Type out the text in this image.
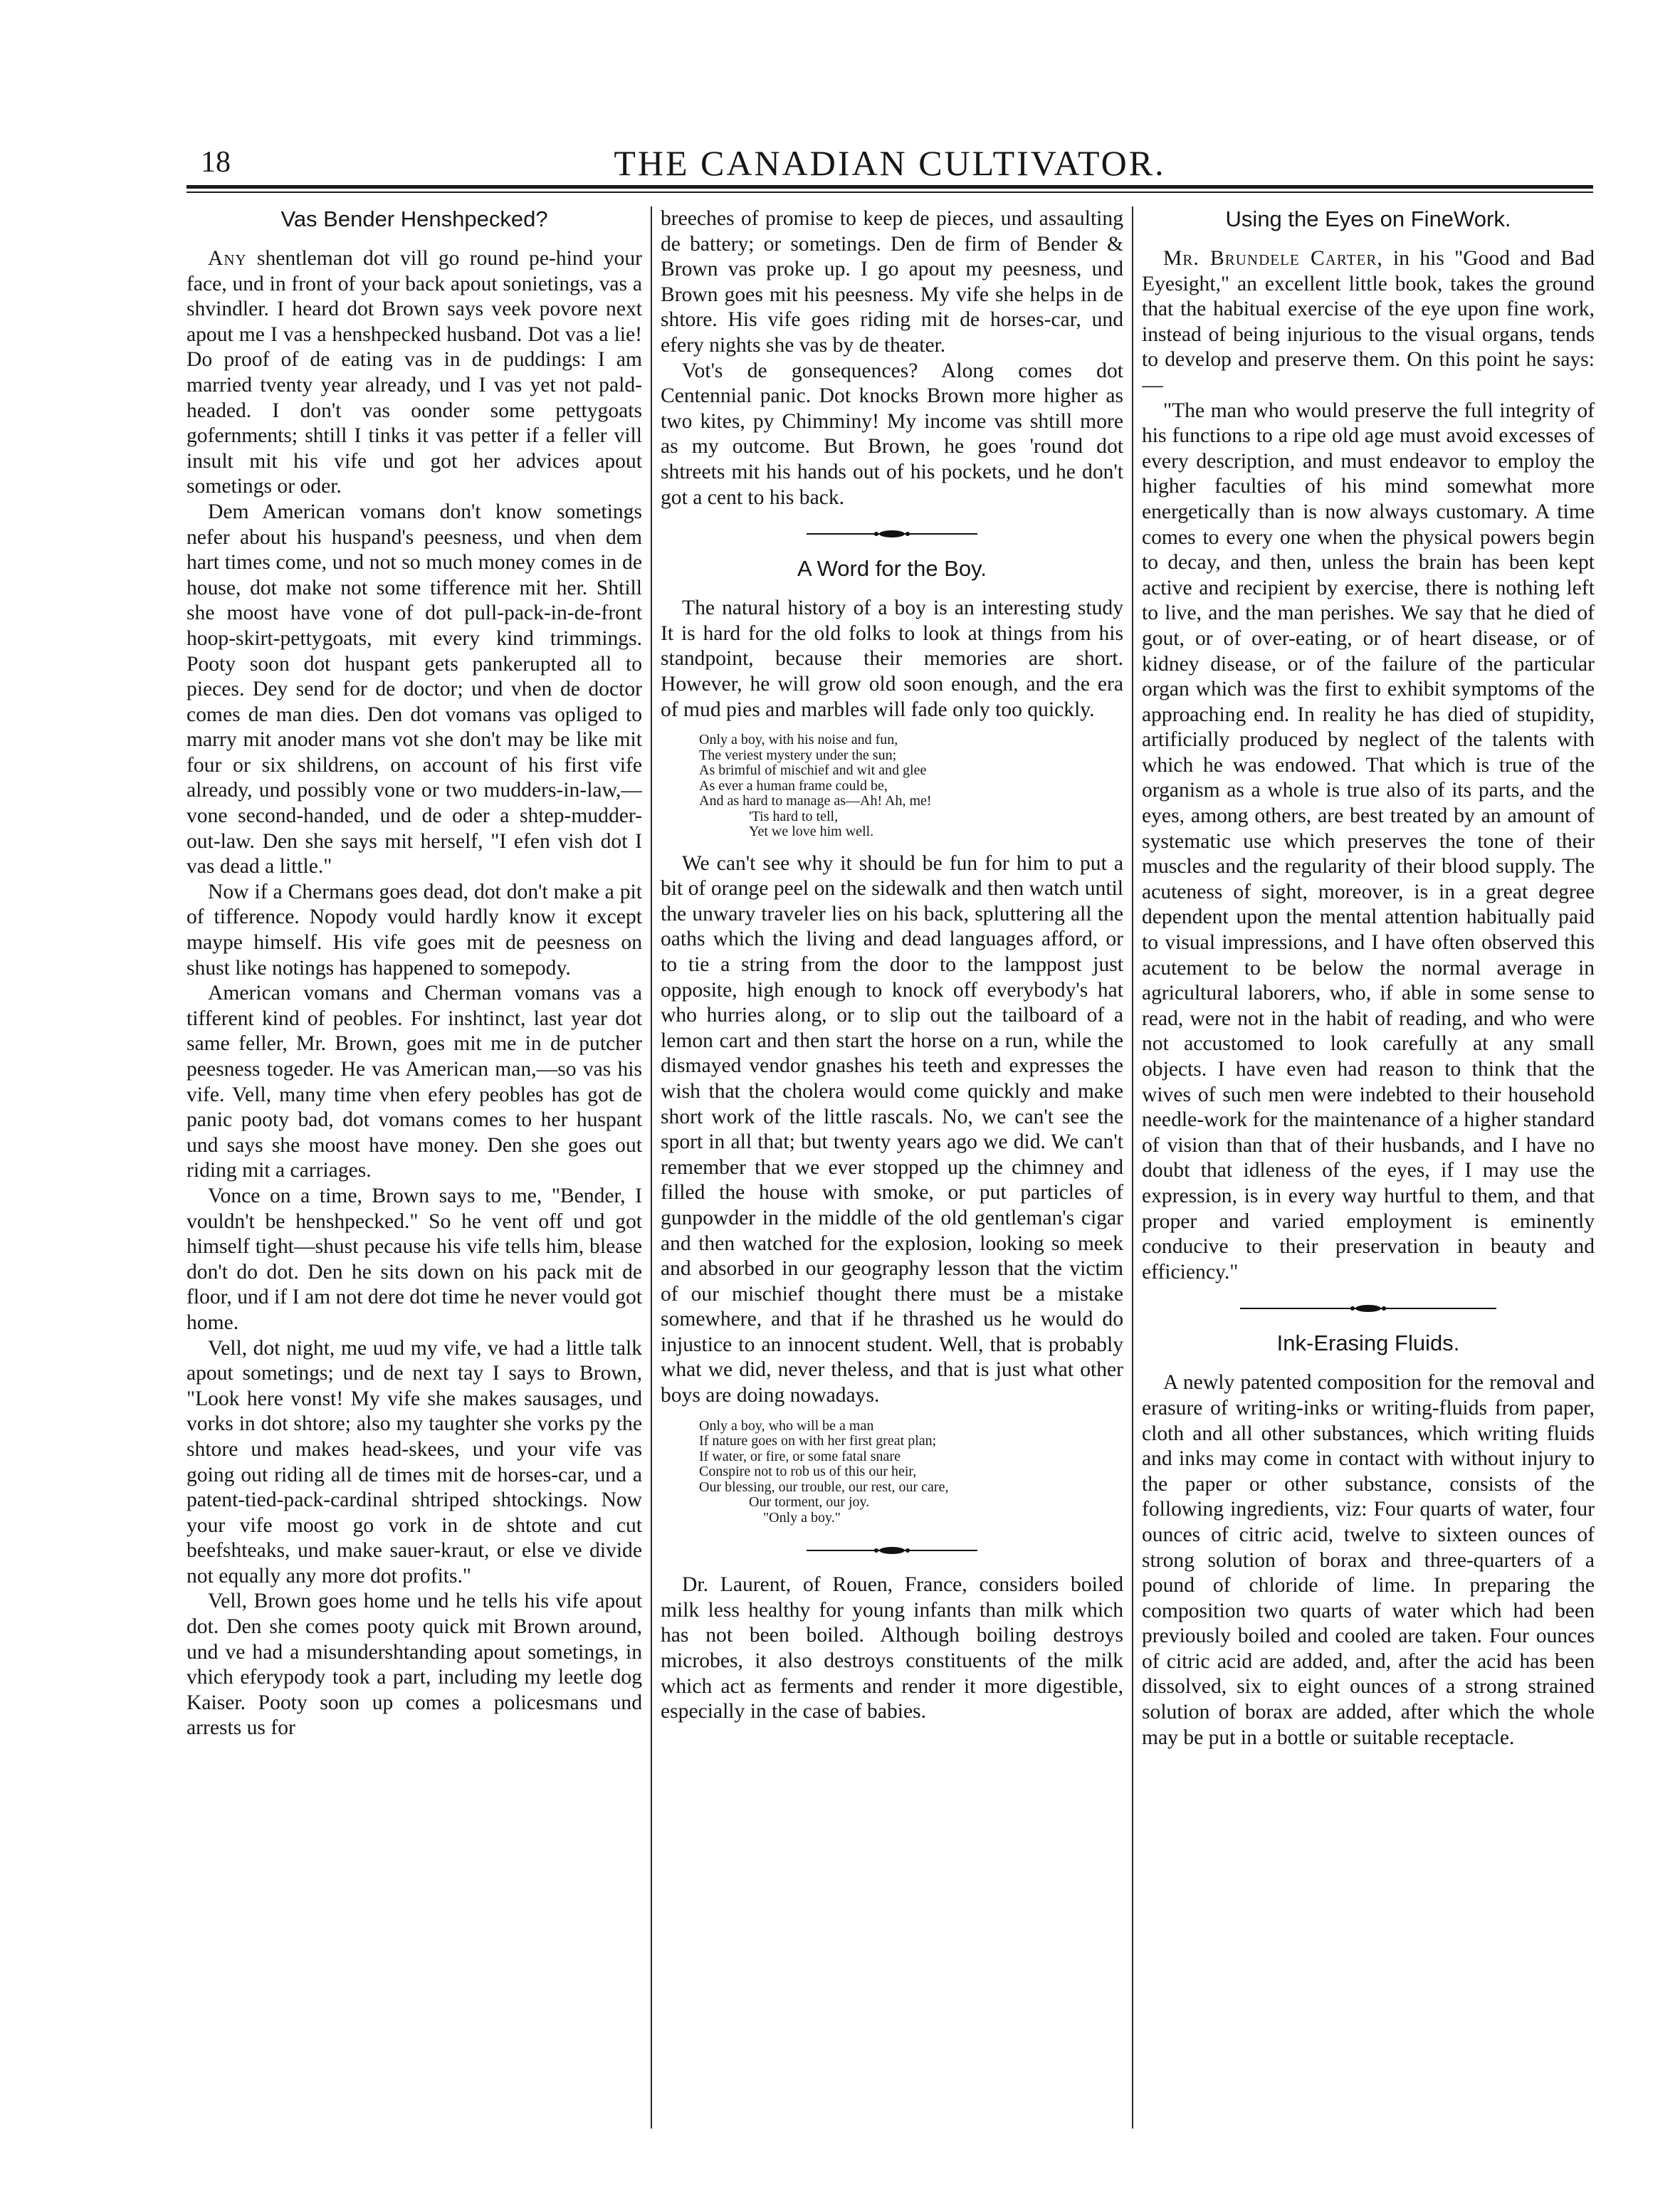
18	THE CANADIAN CULTIVATOR.
Vas Bender Henshpecked?

Any shentleman dot vill go round pe-hind your face, und in front of your back apout sonietings, vas a shvindler. I heard dot Brown says veek povore next apout me I vas a henshpecked husband. Dot vas a lie! Do proof of de eating vas in de puddings: I am married tventy year already, und I vas yet not pald-headed. I don't vas oonder some pettygoats gofernments; shtill I tinks it vas petter if a feller vill insult mit his vife und got her advices apout sometings or oder.

Dem American vomans don't know sometings nefer about his huspand's peesness, und vhen dem hart times come, und not so much money comes in de house, dot make not some tifference mit her. Shtill she moost have vone of dot pull-pack-in-de-front hoop-skirt-pettygoats, mit every kind trimmings. Pooty soon dot huspant gets pankerupted all to pieces. Dey send for de doctor; und vhen de doctor comes de man dies. Den dot vomans vas opliged to marry mit anoder mans vot she don't may be like mit four or six shildrens, on account of his first vife already, und possibly vone or two mudders-in-law,—vone second-handed, und de oder a shtep-mudder-out-law. Den she says mit herself, "I efen vish dot I vas dead a little."

Now if a Chermans goes dead, dot don't make a pit of tifference. Nopody vould hardly know it except maype himself. His vife goes mit de peesness on shust like notings has happened to somepody.

American vomans and Cherman vomans vas a tifferent kind of peobles. For inshtinct, last year dot same feller, Mr. Brown, goes mit me in de putcher peesness togeder. He vas American man,—so vas his vife. Vell, many time vhen efery peobles has got de panic pooty bad, dot vomans comes to her huspant und says she moost have money. Den she goes out riding mit a carriages.

Vonce on a time, Brown says to me, "Bender, I vouldn't be henshpecked." So he vent off und got himself tight—shust pecause his vife tells him, blease don't do dot. Den he sits down on his pack mit de floor, und if I am not dere dot time he never vould got home.

Vell, dot night, me uud my vife, ve had a little talk apout sometings; und de next tay I says to Brown, "Look here vonst! My vife she makes sausages, und vorks in dot shtore; also my taughter she vorks py the shtore und makes head-skees, und your vife vas going out riding all de times mit de horses-car, und a patent-tied-pack-cardinal shtriped shtockings. Now your vife moost go vork in de shtote and cut beefshteaks, und make sauer-kraut, or else ve divide not equally any more dot profits."

Vell, Brown goes home und he tells his vife apout dot. Den she comes pooty quick mit Brown around, und ve had a misundershtanding apout sometings, in vhich eferypody took a part, including my leetle dog Kaiser. Pooty soon up comes a policesmans und arrests us for

breeches of promise to keep de pieces, und assaulting de battery; or sometings. Den de firm of Bender & Brown vas proke up. I go apout my peesness, und Brown goes mit his peesness. My vife she helps in de shtore. His vife goes riding mit de horses-car, und efery nights she vas by de theater.

Vot's de gonsequences? Along comes dot Centennial panic. Dot knocks Brown more higher as two kites, py Chimminy! My income vas shtill more as my outcome. But Brown, he goes 'round dot shtreets mit his hands out of his pockets, und he don't got a cent to his back.

A Word for the Boy.

The natural history of a boy is an interesting study It is hard for the old folks to look at things from his standpoint, because their memories are short. However, he will grow old soon enough, and the era of mud pies and marbles will fade only too quickly.

Only a boy, with his noise and fun,
The veriest mystery under the sun;
As brimful of mischief and wit and glee
As ever a human frame could be,
And as hard to manage as—Ah! Ah, me!
'Tis hard to tell,
Yet we love him well.

We can't see why it should be fun for him to put a bit of orange peel on the sidewalk and then watch until the unwary traveler lies on his back, spluttering all the oaths which the living and dead languages afford, or to tie a string from the door to the lamppost just opposite, high enough to knock off everybody's hat who hurries along, or to slip out the tailboard of a lemon cart and then start the horse on a run, while the dismayed vendor gnashes his teeth and expresses the wish that the cholera would come quickly and make short work of the little rascals. No, we can't see the sport in all that; but twenty years ago we did. We can't remember that we ever stopped up the chimney and filled the house with smoke, or put particles of gunpowder in the middle of the old gentleman's cigar and then watched for the explosion, looking so meek and absorbed in our geography lesson that the victim of our mischief thought there must be a mistake somewhere, and that if he thrashed us he would do injustice to an innocent student. Well, that is probably what we did, never theless, and that is just what other boys are doing nowadays.

Only a boy, who will be a man
If nature goes on with her first great plan;
If water, or fire, or some fatal snare
Conspire not to rob us of this our heir,
Our blessing, our trouble, our rest, our care,
Our torment, our joy.
"Only a boy."

Dr. Laurent, of Rouen, France, considers boiled milk less healthy for young infants than milk which has not been boiled. Although boiling destroys microbes, it also destroys constituents of the milk which act as ferments and render it more digestible, especially in the case of babies.

Using the Eyes on FineWork.

Mr. Brundele Carter, in his "Good and Bad Eyesight," an excellent little book, takes the ground that the habitual exercise of the eye upon fine work, instead of being injurious to the visual organs, tends to develop and preserve them. On this point he says:—

"The man who would preserve the full integrity of his functions to a ripe old age must avoid excesses of every description, and must endeavor to employ the higher faculties of his mind somewhat more energetically than is now always customary. A time comes to every one when the physical powers begin to decay, and then, unless the brain has been kept active and recipient by exercise, there is nothing left to live, and the man perishes. We say that he died of gout, or of over-eating, or of heart disease, or of kidney disease, or of the failure of the particular organ which was the first to exhibit symptoms of the approaching end. In reality he has died of stupidity, artificially produced by neglect of the talents with which he was endowed. That which is true of the organism as a whole is true also of its parts, and the eyes, among others, are best treated by an amount of systematic use which preserves the tone of their muscles and the regularity of their blood supply. The acuteness of sight, moreover, is in a great degree dependent upon the mental attention habitually paid to visual impressions, and I have often observed this acutement to be below the normal average in agricultural laborers, who, if able in some sense to read, were not in the habit of reading, and who were not accustomed to look carefully at any small objects. I have even had reason to think that the wives of such men were indebted to their household needle-work for the maintenance of a higher standard of vision than that of their husbands, and I have no doubt that idleness of the eyes, if I may use the expression, is in every way hurtful to them, and that proper and varied employment is eminently conducive to their preservation in beauty and efficiency."

Ink-Erasing Fluids.

A newly patented composition for the removal and erasure of writing-inks or writing-fluids from paper, cloth and all other substances, which writing fluids and inks may come in contact with without injury to the paper or other substance, consists of the following ingredients, viz: Four quarts of water, four ounces of citric acid, twelve to sixteen ounces of strong solution of borax and three-quarters of a pound of chloride of lime. In preparing the composition two quarts of water which had been previously boiled and cooled are taken. Four ounces of citric acid are added, and, after the acid has been dissolved, six to eight ounces of a strong strained solution of borax are added, after which the whole may be put in a bottle or suitable receptacle.
